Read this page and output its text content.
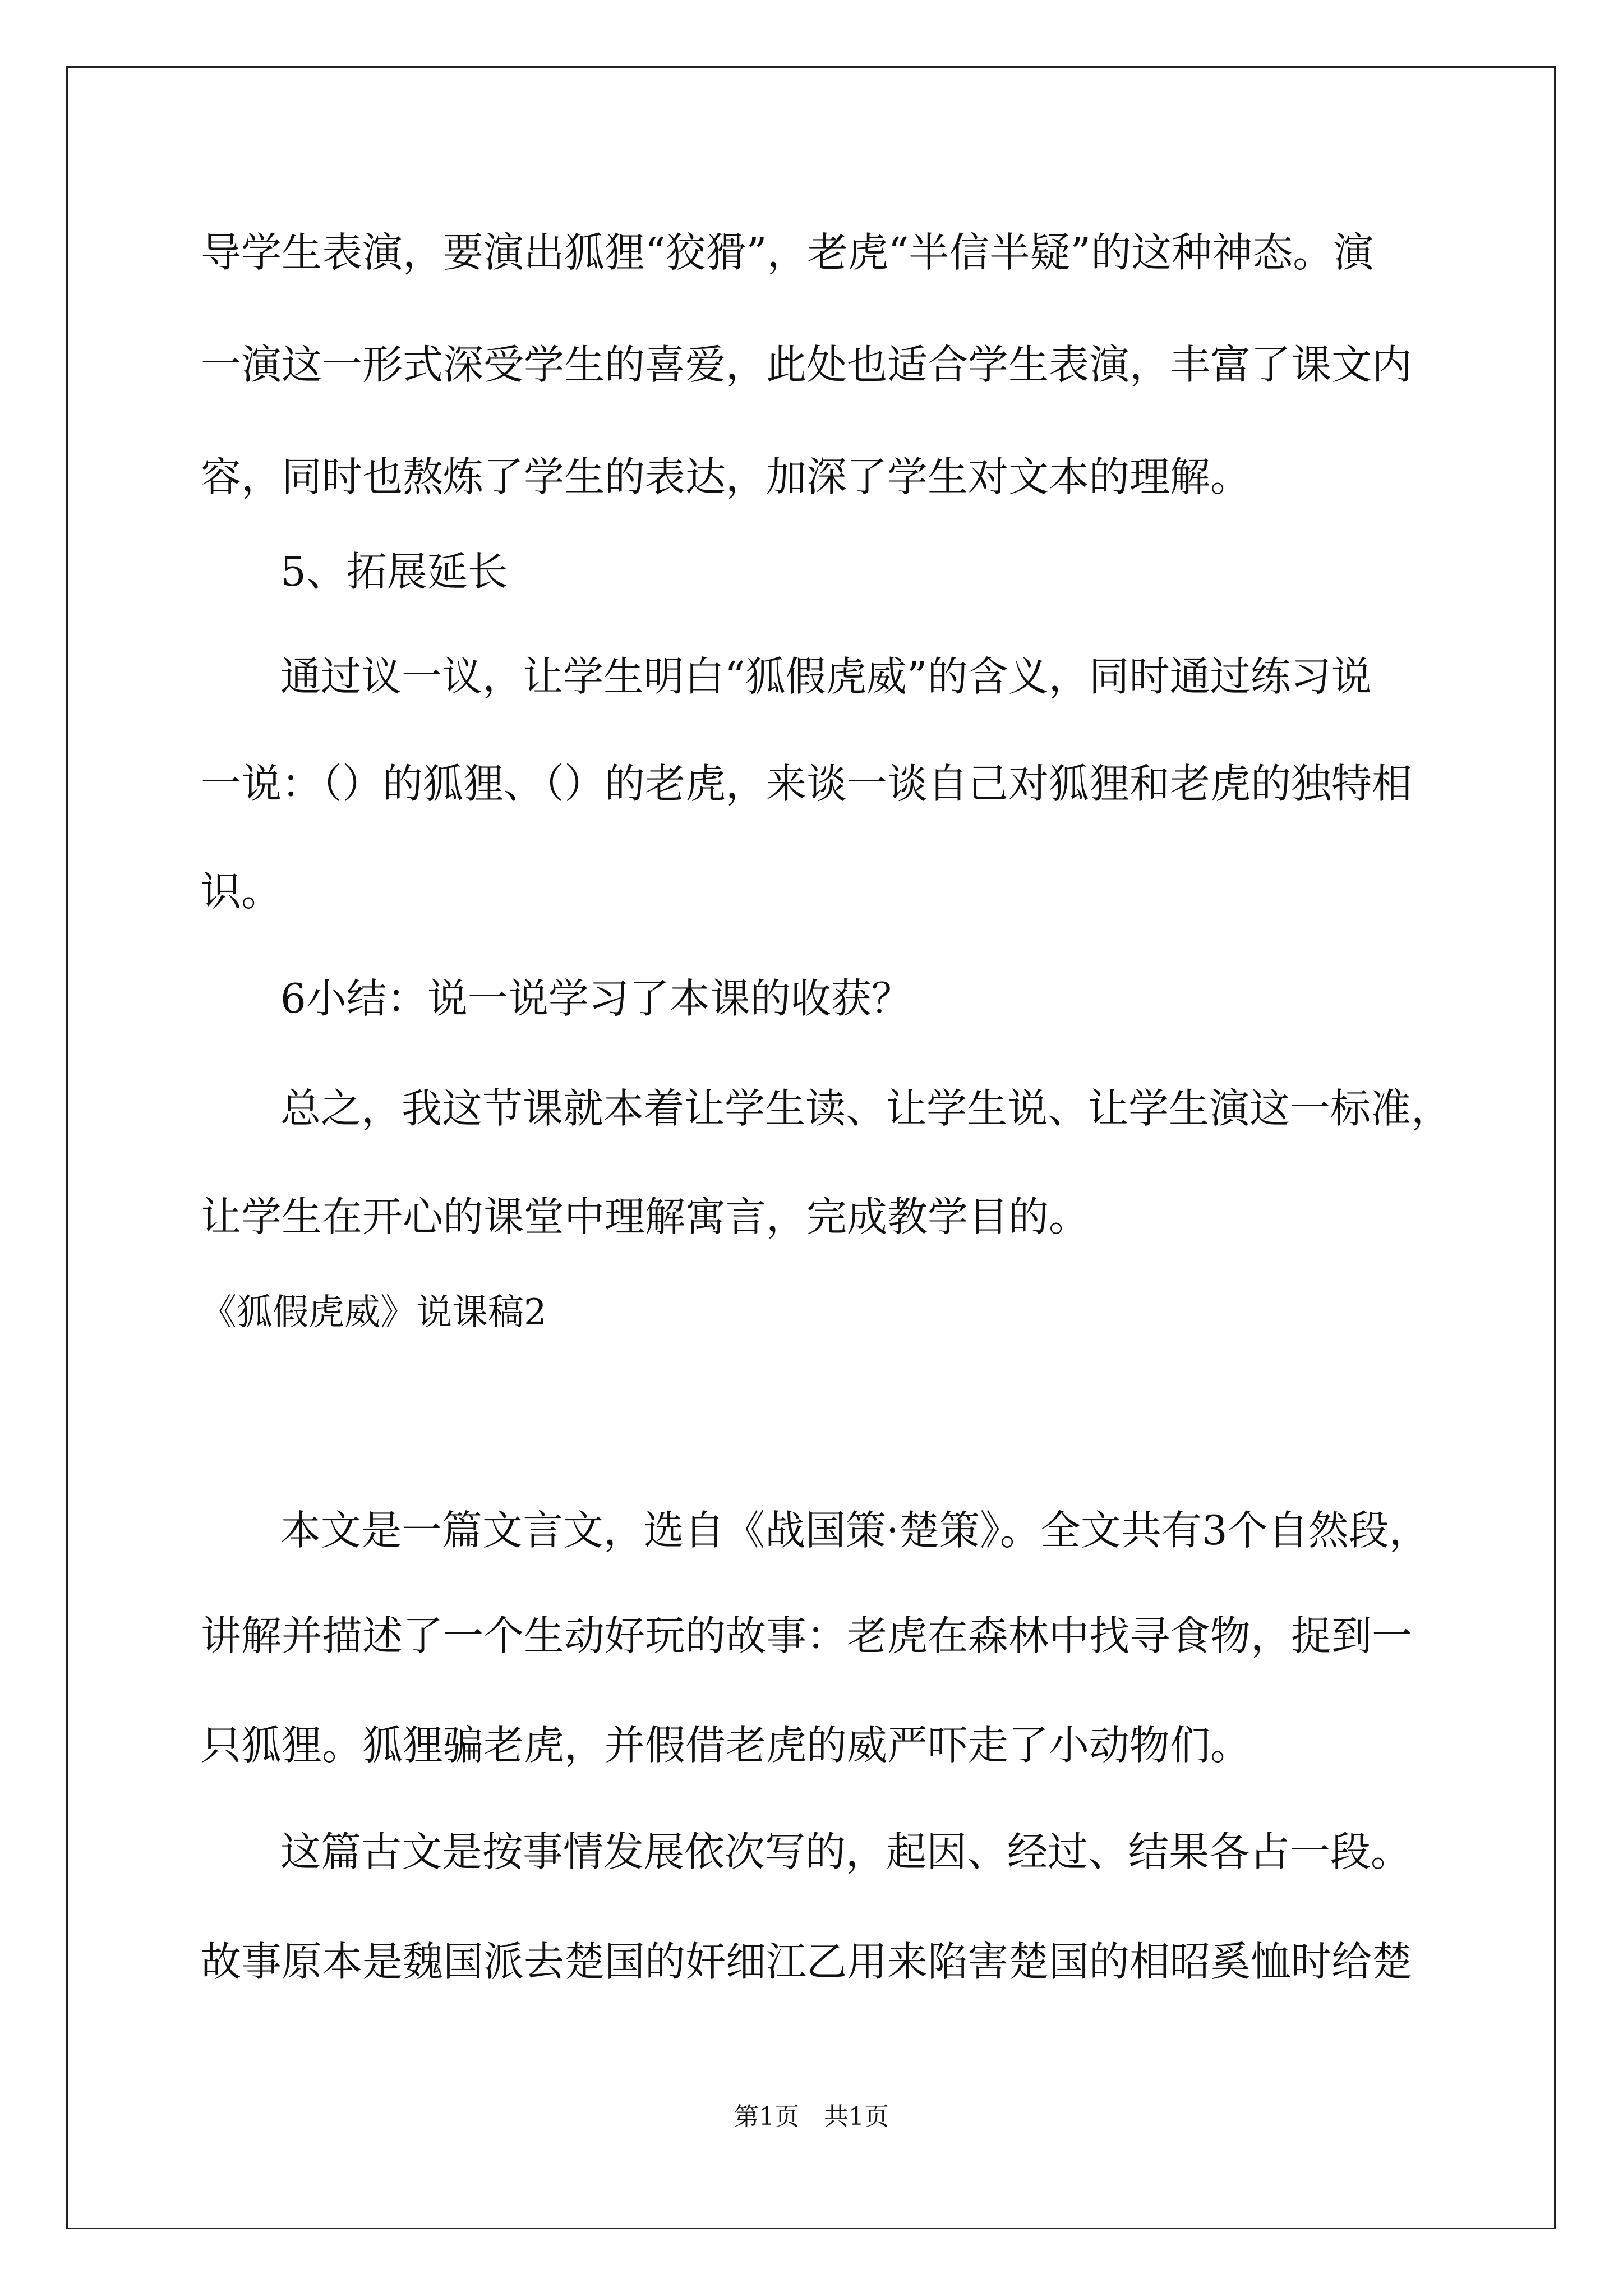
导学生表演，要演出狐狸“狡猾”，老虎“半信半疑”的这种神态。演
一演这一形式深受学生的喜爱，此处也适合学生表演，丰富了课文内
容，同时也熬炼了学生的表达，加深了学生对文本的理解。
5、拓展延长
通过议一议，让学生明白“狐假虎威”的含义，同时通过练习说
一说：（）的狐狸、（）的老虎，来谈一谈自己对狐狸和老虎的独特相
识。
6小结：说一说学习了本课的收获？
总之，我这节课就本着让学生读、让学生说、让学生演这一标准，
让学生在开心的课堂中理解寓言，完成教学目的。
《狐假虎威》说课稿2
本文是一篇文言文，选自《战国策·楚策》。全文共有3个自然段，
讲解并描述了一个生动好玩的故事：老虎在森林中找寻食物，捉到一
只狐狸。狐狸骗老虎，并假借老虎的威严吓走了小动物们。
这篇古文是按事情发展依次写的，起因、经过、结果各占一段。
故事原本是魏国派去楚国的奸细江乙用来陷害楚国的相昭奚恤时给楚
第1页　共1页
